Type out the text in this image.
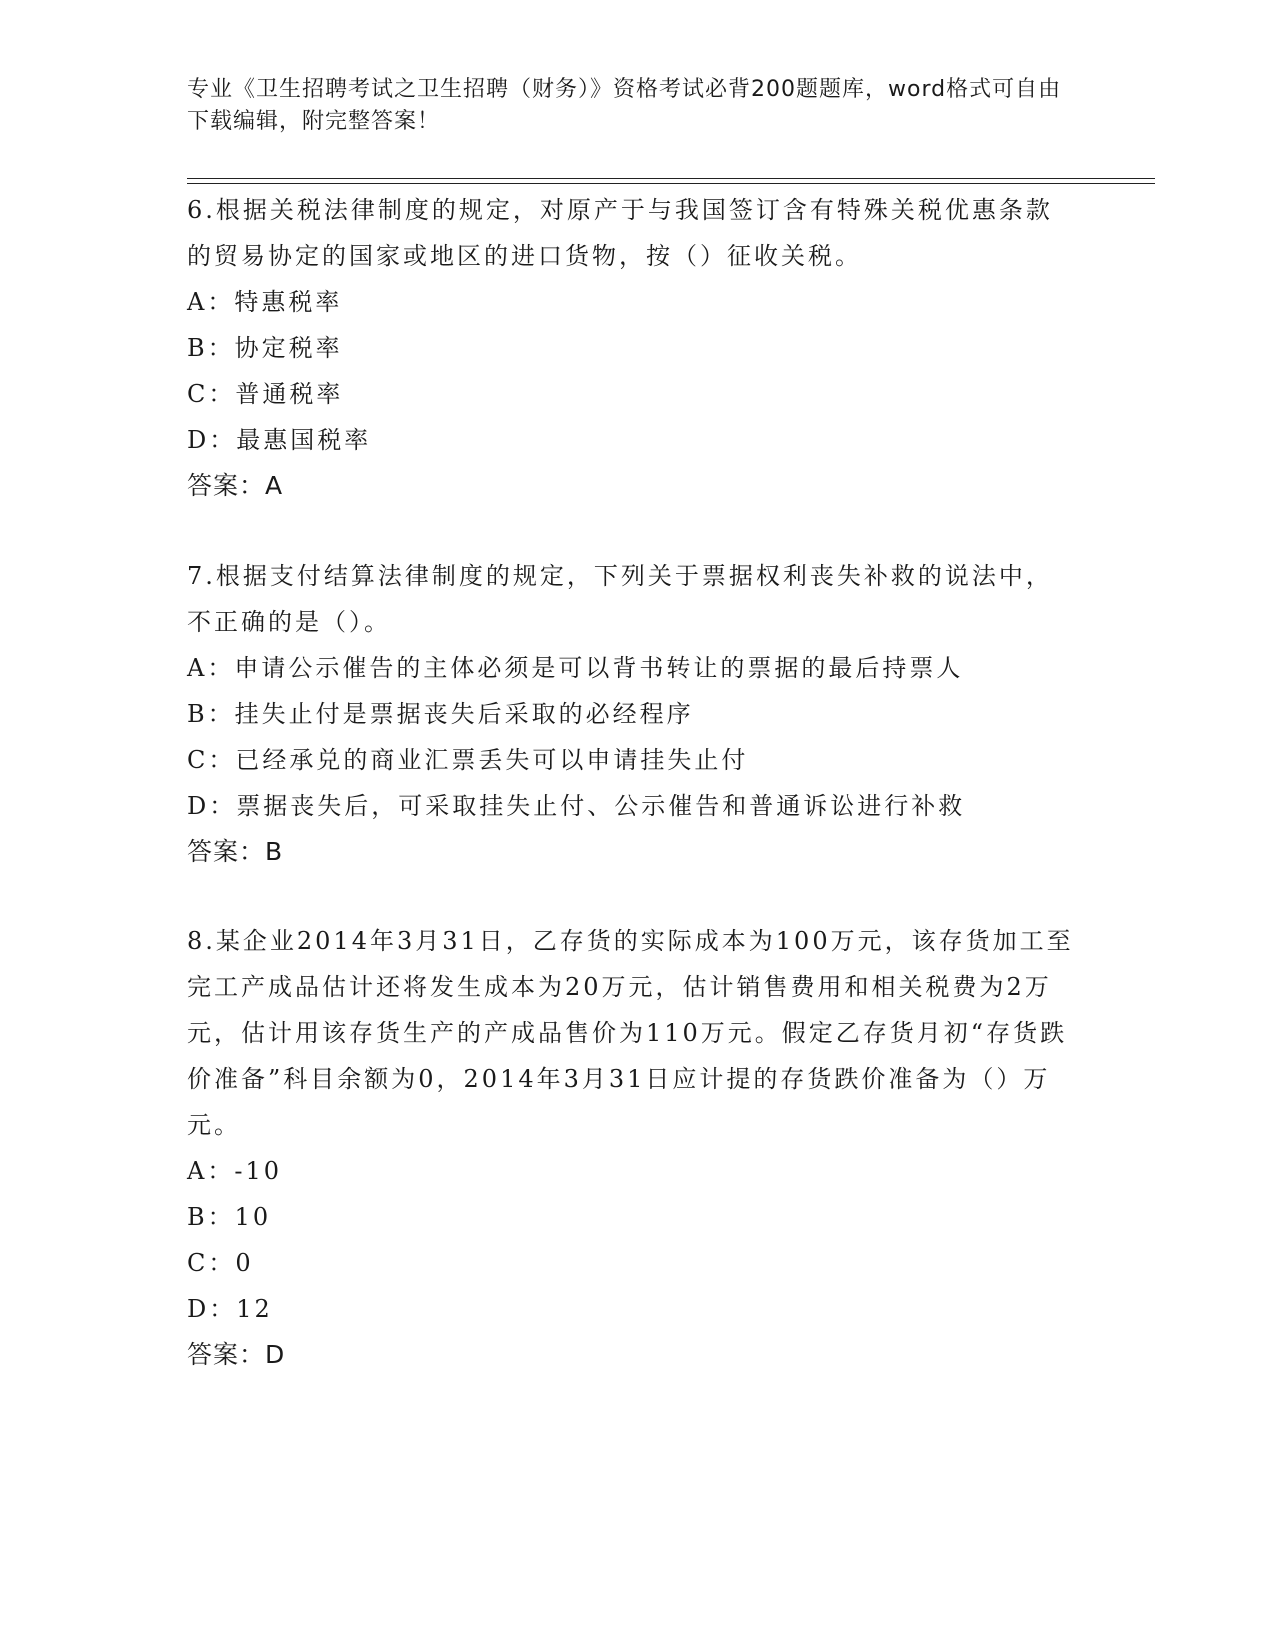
专业《卫生招聘考试之卫生招聘（财务）》资格考试必背200题题库，word格式可自由下载编辑，附完整答案！
6.根据关税法律制度的规定，对原产于与我国签订含有特殊关税优惠条款的贸易协定的国家或地区的进口货物，按（）征收关税。
A：特惠税率
B：协定税率
C：普通税率
D：最惠国税率
答案：A
7.根据支付结算法律制度的规定，下列关于票据权利丧失补救的说法中，不正确的是（）。
A：申请公示催告的主体必须是可以背书转让的票据的最后持票人
B：挂失止付是票据丧失后采取的必经程序
C：已经承兑的商业汇票丢失可以申请挂失止付
D：票据丧失后，可采取挂失止付、公示催告和普通诉讼进行补救
答案：B
8.某企业2014年3月31日，乙存货的实际成本为100万元，该存货加工至完工产成品估计还将发生成本为20万元，估计销售费用和相关税费为2万元，估计用该存货生产的产成品售价为110万元。假定乙存货月初“存货跌价准备”科目余额为0，2014年3月31日应计提的存货跌价准备为（）万元。
A：-10
B：10
C：0
D：12
答案：D
